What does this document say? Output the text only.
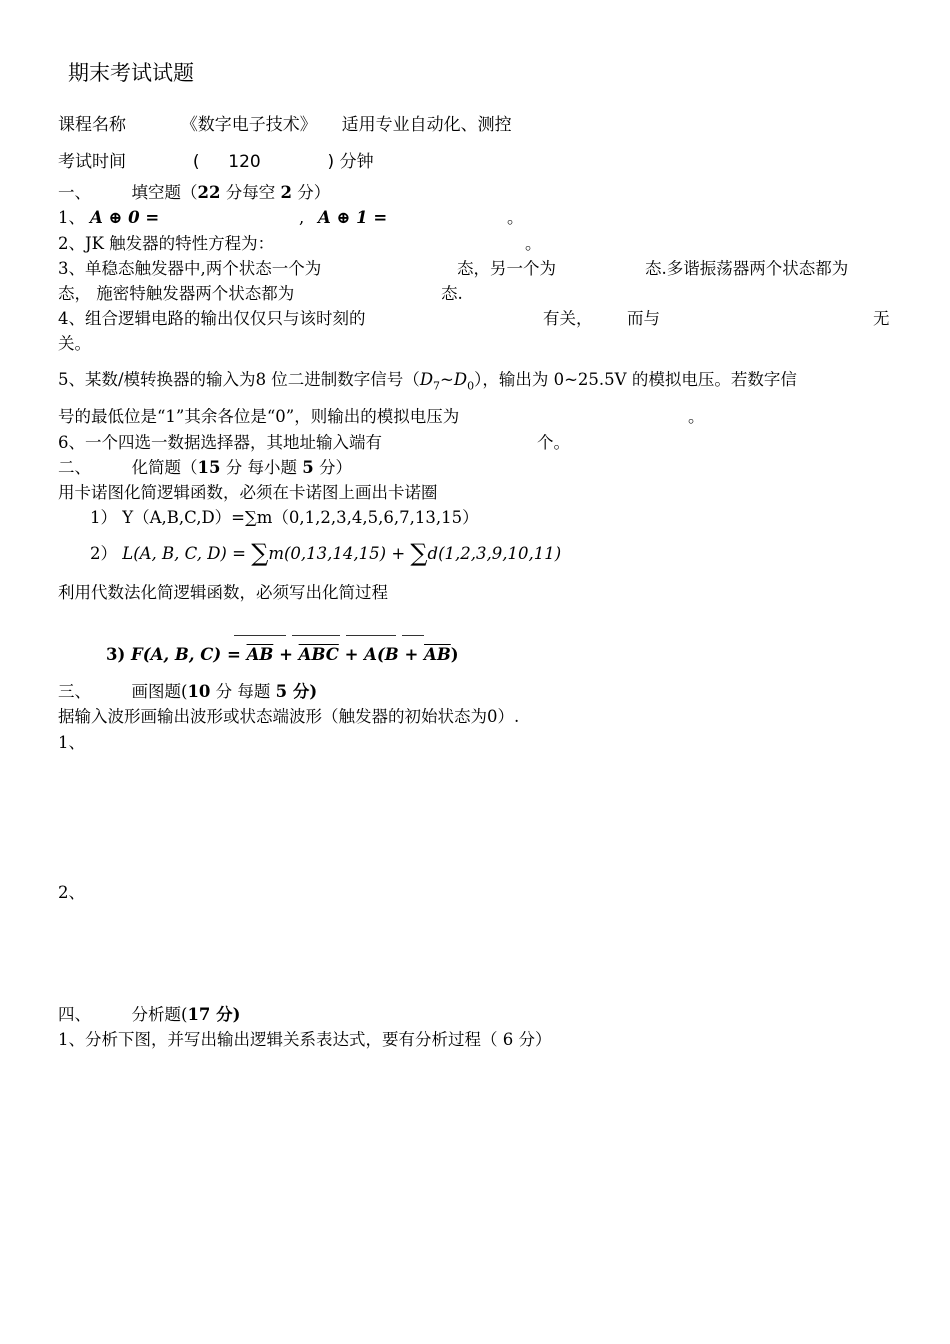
期末考试试题
课程名称	《数字电子技术》 适用专业自动化、测控
考试时间	( 120	) 分钟
一、 填空题（22 分每空 2 分）
1、 A ⊕ 0 =	, A ⊕ 1 =	。
2、JK 触发器的特性方程为：	。
3、单稳态触发器中,两个状态一个为	态，另一个为	态.多谐振荡器两个状态都为
态， 施密特触发器两个状态都为	态.
4、组合逻辑电路的输出仅仅只与该时刻的	有关， 而与	无
关。
5、某数/模转换器的输入为8 位二进制数字信号$(D_7\sim D_0)$，输出为 0~25.5V 的模拟电压。若数字信
号的最低位是“1”其余各位是“0”，则输出的模拟电压为	。
6、一个四选一数据选择器，其地址输入端有	个。
二、 化简题（15 分 每小题 5 分）
用卡诺图化简逻辑函数，必须在卡诺图上画出卡诺圈
1） Y（A,B,C,D）=∑m（0,1,2,3,4,5,6,7,13,15）
2） L(A, B, C, D) = ∑m(0,13,14,15) + ∑d(1,2,3,9,10,11)
利用代数法化简逻辑函数，必须写出化简过程
3) F(A, B, $C) = \overline{AB} + \overline{ABC} + A(B + \overline{AB})$
三、 画图题(10 分 每题 5 分)
据输入波形画输出波形或状态端波形（触发器的初始状态为0）.
1、
2、
四、 分析题(17 分)
1、分析下图，并写出输出逻辑关系表达式，要有分析过程（ 6 分）
